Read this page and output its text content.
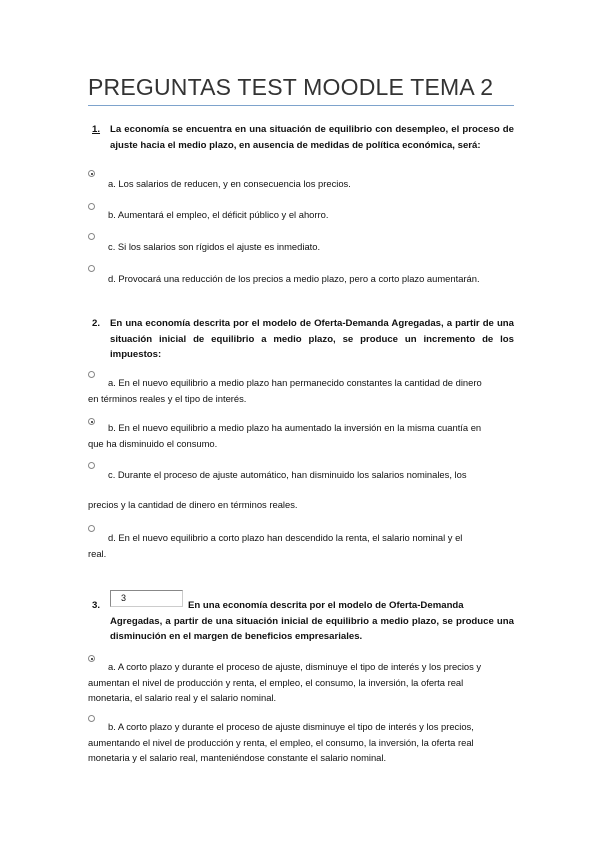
PREGUNTAS TEST MOODLE TEMA 2
1. La economía se encuentra en una situación de equilibrio con desempleo, el proceso de ajuste hacia el medio plazo, en ausencia de medidas de política económica, será:
a. Los salarios de reducen, y en consecuencia los precios.
b. Aumentará el empleo, el déficit público y el ahorro.
c. Si los salarios son rígidos el ajuste es inmediato.
d. Provocará una reducción de los precios a medio plazo, pero a corto plazo aumentarán.
2. En una economía descrita por el modelo de Oferta-Demanda Agregadas, a partir de una situación inicial de equilibrio a medio plazo, se produce un incremento de los impuestos:
a. En el nuevo equilibrio a medio plazo han permanecido constantes la cantidad de dinero
en términos reales y el tipo de interés.
b. En el nuevo equilibrio a medio plazo ha aumentado la inversión en la misma cuantía en
que ha disminuido el consumo.
c. Durante el proceso de ajuste automático, han disminuido los salarios nominales, los
precios y la cantidad de dinero en términos reales.
d. En el nuevo equilibrio a corto plazo han descendido la renta, el salario nominal y el
real.
3
3.	En una economía descrita por el modelo de Oferta-Demanda
Agregadas, a partir de una situación inicial de equilibrio a medio plazo, se produce una disminución en el margen de beneficios empresariales.
a. A corto plazo y durante el proceso de ajuste, disminuye el tipo de interés y los precios y
aumentan el nivel de producción y renta, el empleo, el consumo, la inversión, la oferta real
monetaria, el salario real y el salario nominal.
b. A corto plazo y durante el proceso de ajuste disminuye el tipo de interés y los precios,
aumentando el nivel de producción y renta, el empleo, el consumo, la inversión, la oferta real
monetaria y el salario real, manteniéndose constante el salario nominal.
